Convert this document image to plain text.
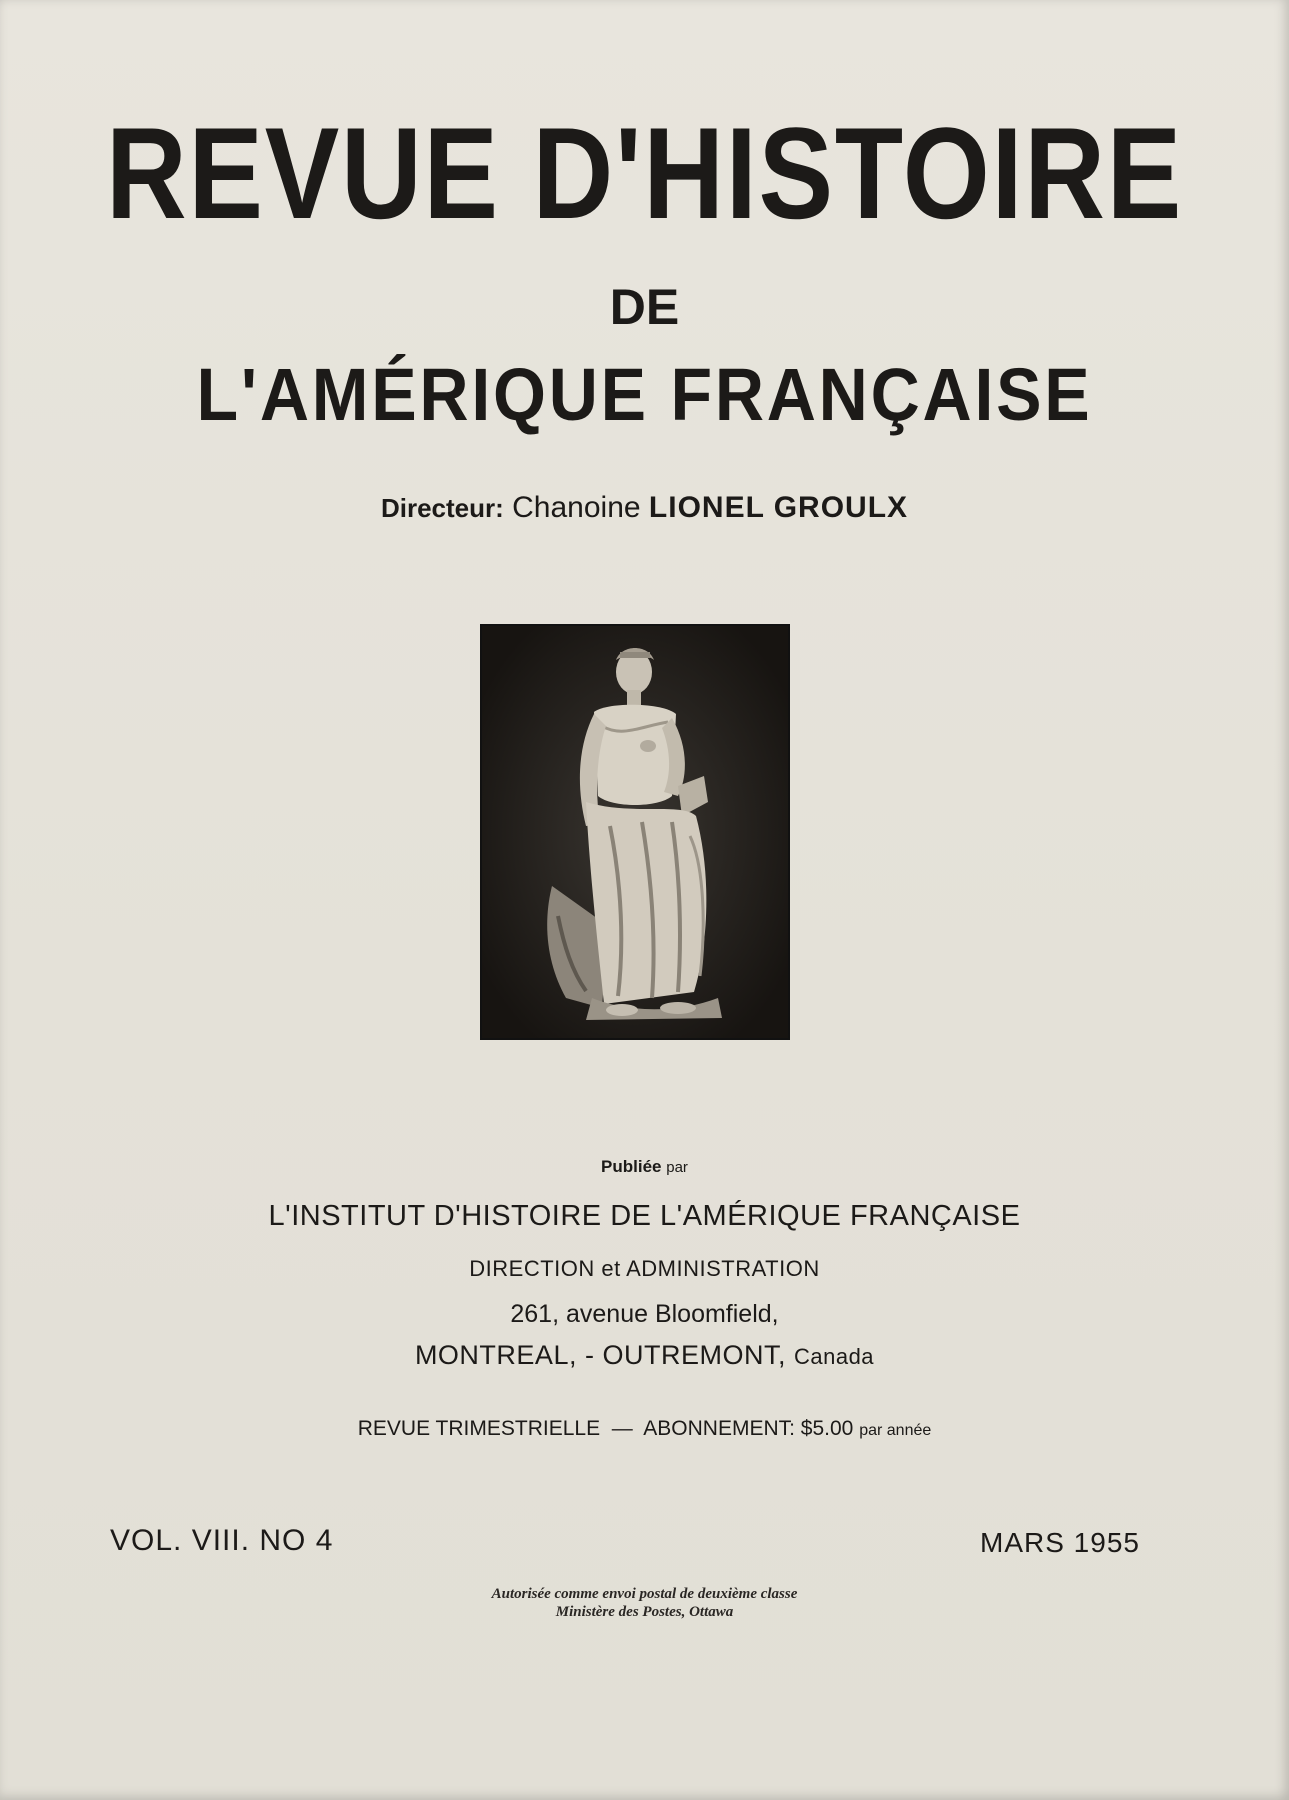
REVUE D'HISTOIRE
DE
L'AMÉRIQUE FRANÇAISE
Directeur: Chanoine LIONEL GROULX
Publiée par
L'INSTITUT D'HISTOIRE DE L'AMÉRIQUE FRANÇAISE
DIRECTION et ADMINISTRATION
261, avenue Bloomfield,
MONTREAL, - OUTREMONT, Canada
REVUE TRIMESTRIELLE — ABONNEMENT: $5.00 par année
VOL. VIII. NO 4	MARS 1955
Autorisée comme envoi postal de deuxième classe
Ministère des Postes, Ottawa
